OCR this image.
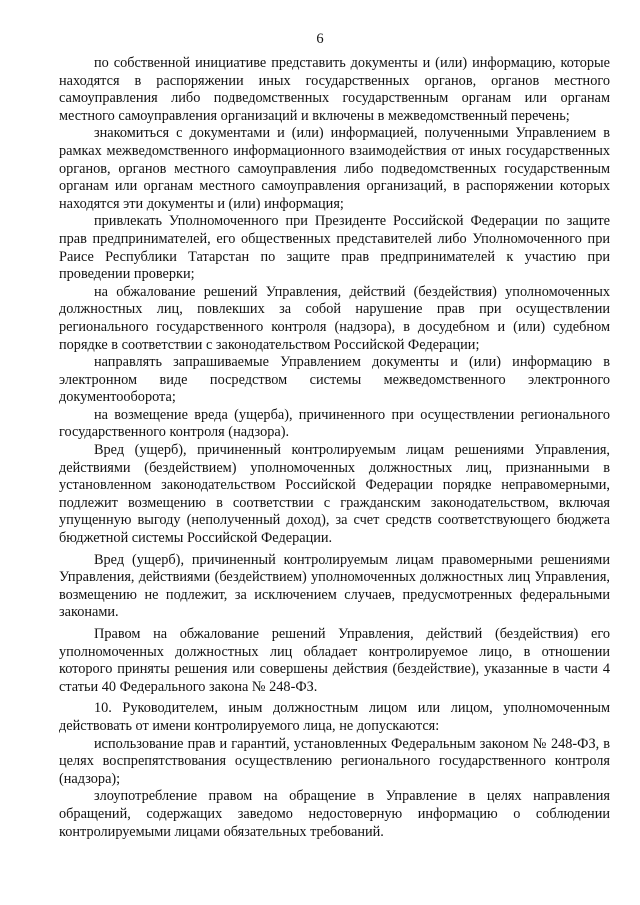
6

по собственной инициативе представить документы и (или) информацию, которые находятся в распоряжении иных государственных органов, органов местного самоуправления либо подведомственных государственным органам или органам местного самоуправления организаций и включены в межведомственный перечень;

знакомиться с документами и (или) информацией, полученными Управлением в рамках межведомственного информационного взаимодействия от иных государственных органов, органов местного самоуправления либо подведомственных государственным органам или органам местного самоуправления организаций, в распоряжении которых находятся эти документы и (или) информация;

привлекать Уполномоченного при Президенте Российской Федерации по защите прав предпринимателей, его общественных представителей либо Уполномоченного при Раисе Республики Татарстан по защите прав предпринимателей к участию при проведении проверки;

на обжалование решений Управления, действий (бездействия) уполномоченных должностных лиц, повлекших за собой нарушение прав при осуществлении регионального государственного контроля (надзора), в досудебном и (или) судебном порядке в соответствии с законодательством Российской Федерации;

направлять запрашиваемые Управлением документы и (или) информацию в электронном виде посредством системы межведомственного электронного документооборота;

на возмещение вреда (ущерба), причиненного при осуществлении регионального государственного контроля (надзора).

Вред (ущерб), причиненный контролируемым лицам решениями Управления, действиями (бездействием) уполномоченных должностных лиц, признанными в установленном законодательством Российской Федерации порядке неправомерными, подлежит возмещению в соответствии с гражданским законодательством, включая упущенную выгоду (неполученный доход), за счет средств соответствующего бюджета бюджетной системы Российской Федерации.

Вред (ущерб), причиненный контролируемым лицам правомерными решениями Управления, действиями (бездействием) уполномоченных должностных лиц Управления, возмещению не подлежит, за исключением случаев, предусмотренных федеральными законами.

Правом на обжалование решений Управления, действий (бездействия) его уполномоченных должностных лиц обладает контролируемое лицо, в отношении которого приняты решения или совершены действия (бездействие), указанные в части 4 статьи 40 Федерального закона № 248-ФЗ.

10. Руководителем, иным должностным лицом или лицом, уполномоченным действовать от имени контролируемого лица, не допускаются:

использование прав и гарантий, установленных Федеральным законом № 248-ФЗ, в целях воспрепятствования осуществлению регионального государственного контроля (надзора);

злоупотребление правом на обращение в Управление в целях направления обращений, содержащих заведомо недостоверную информацию о соблюдении контролируемыми лицами обязательных требований.
